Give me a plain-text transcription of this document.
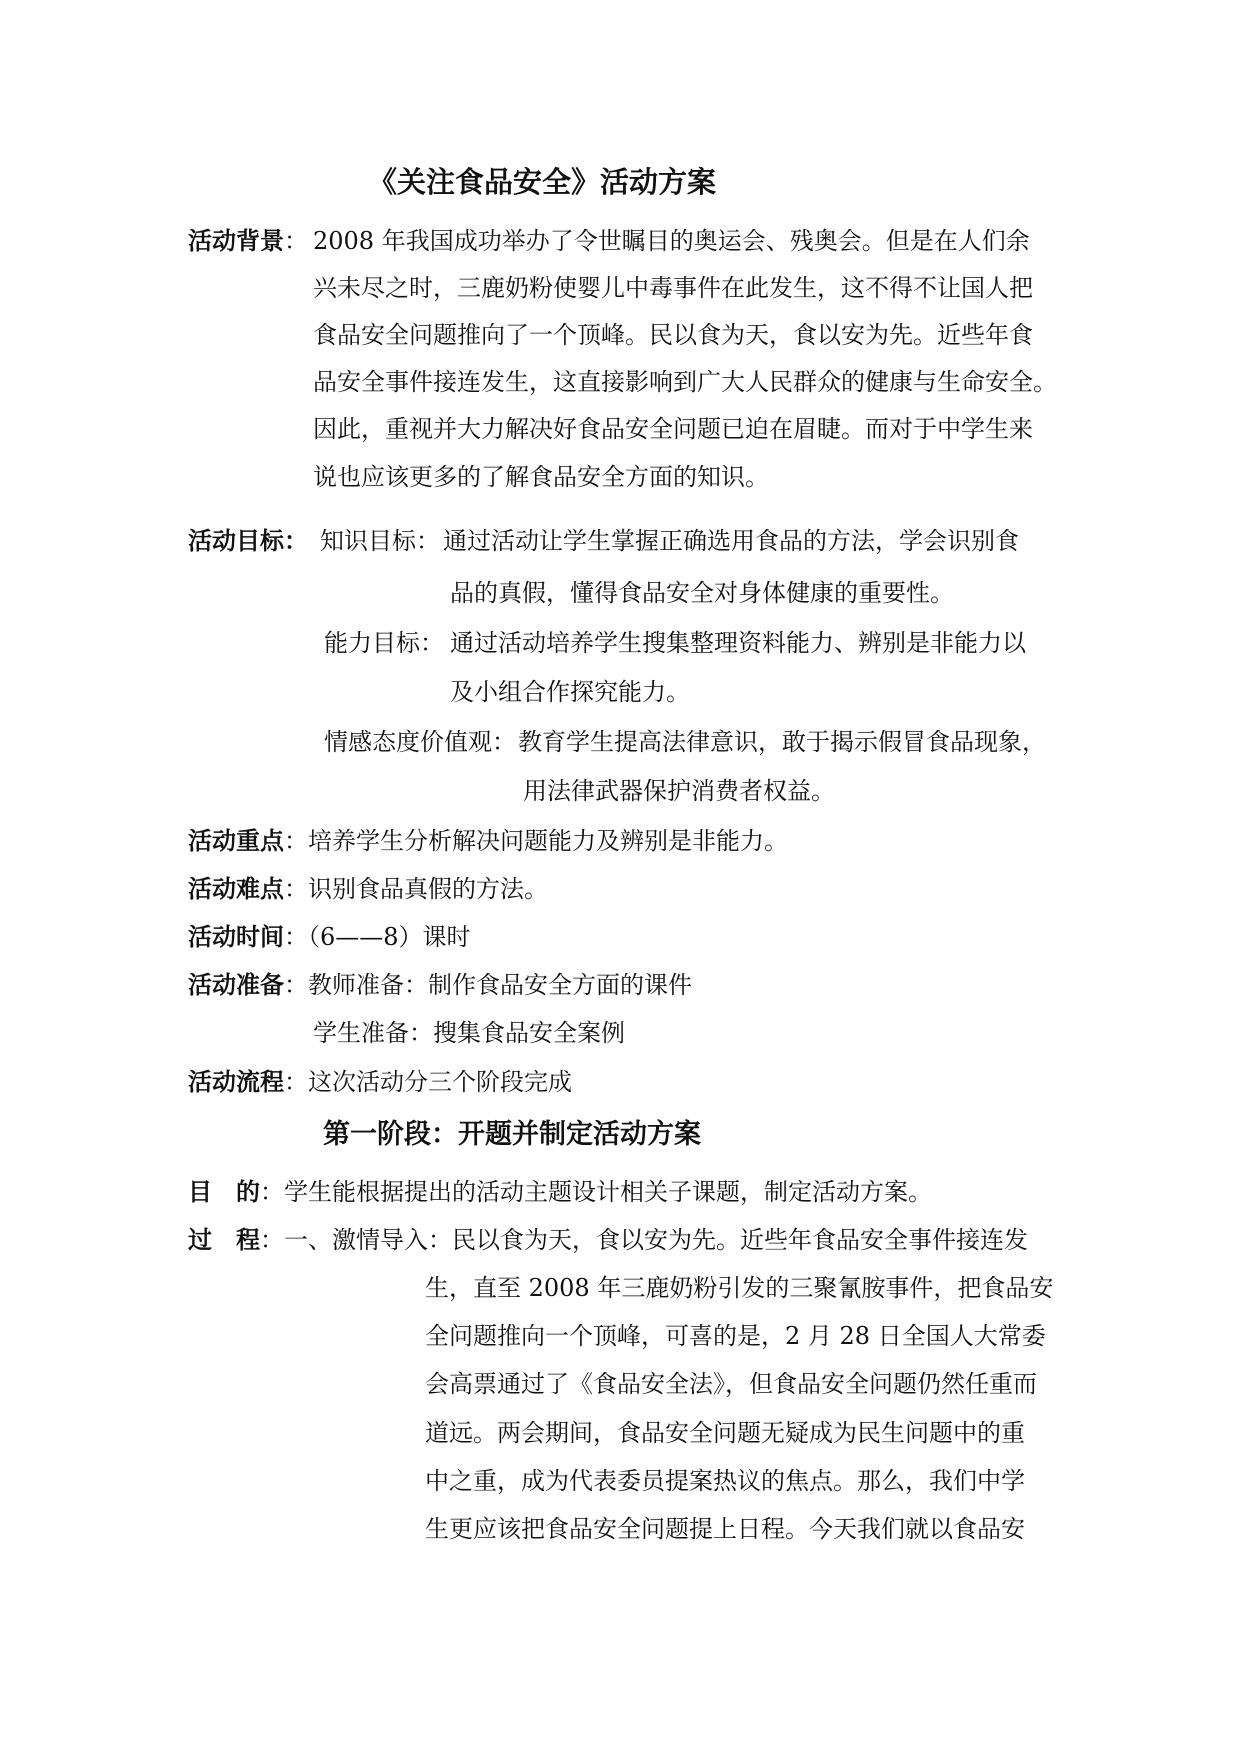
《关注食品安全》活动方案
活动背景： 2008 年我国成功举办了令世瞩目的奥运会、残奥会。但是在人们余
兴未尽之时，三鹿奶粉使婴儿中毒事件在此发生，这不得不让国人把
食品安全问题推向了一个顶峰。民以食为天，食以安为先。近些年食
品安全事件接连发生，这直接影响到广大人民群众的健康与生命安全。
因此，重视并大力解决好食品安全问题已迫在眉睫。而对于中学生来
说也应该更多的了解食品安全方面的知识。
活动目标： 知识目标： 通过活动让学生掌握正确选用食品的方法，学会识别食
品的真假，懂得食品安全对身体健康的重要性。
能力目标： 通过活动培养学生搜集整理资料能力、辨别是非能力以
及小组合作探究能力。
情感态度价值观： 教育学生提高法律意识，敢于揭示假冒食品现象，
用法律武器保护消费者权益。
活动重点：培养学生分析解决问题能力及辨别是非能力。
活动难点：识别食品真假的方法。
活动时间：（6——8）课时
活动准备：教师准备：制作食品安全方面的课件
学生准备：搜集食品安全案例
活动流程：这次活动分三个阶段完成
第一阶段：开题并制定活动方案
目　的：学生能根据提出的活动主题设计相关子课题，制定活动方案。
过　程：一、激情导入：民以食为天，食以安为先。近些年食品安全事件接连发
生，直至 2008 年三鹿奶粉引发的三聚氰胺事件，把食品安
全问题推向一个顶峰，可喜的是，2 月 28 日全国人大常委
会高票通过了《食品安全法》，但食品安全问题仍然任重而
道远。两会期间，食品安全问题无疑成为民生问题中的重
中之重，成为代表委员提案热议的焦点。那么，我们中学
生更应该把食品安全问题提上日程。今天我们就以食品安
